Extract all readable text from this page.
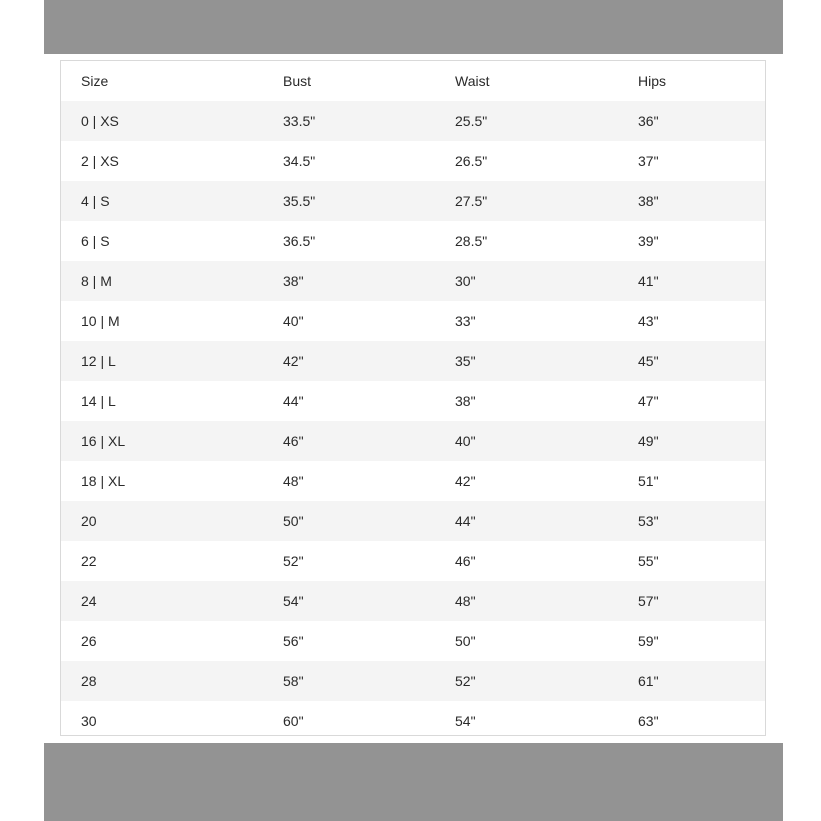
Size	Bust	Waist	Hips
0 | XS	33.5"	25.5"	36"
2 | XS	34.5"	26.5"	37"
4 | S	35.5"	27.5"	38"
6 | S	36.5"	28.5"	39"
8 | M	38"	30"	41"
10 | M	40"	33"	43"
12 | L	42"	35"	45"
14 | L	44"	38"	47"
16 | XL	46"	40"	49"
18 | XL	48"	42"	51"
20	50"	44"	53"
22	52"	46"	55"
24	54"	48"	57"
26	56"	50"	59"
28	58"	52"	61"
30	60"	54"	63"
